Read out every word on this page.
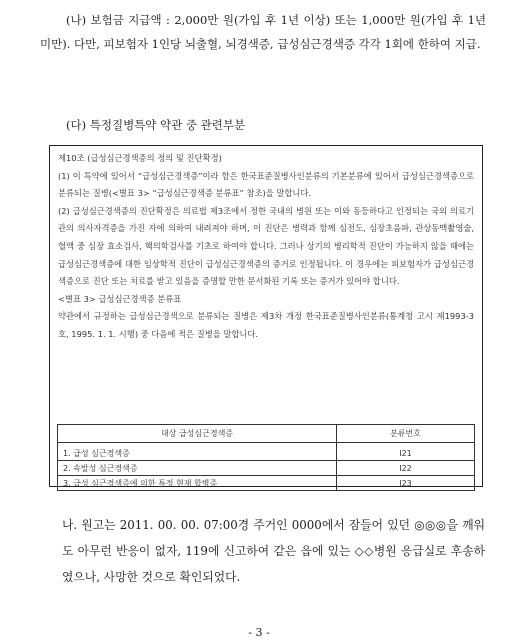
(나) 보험금 지급액 : 2,000만 원(가입 후 1년 이상) 또는 1,000만 원(가입 후 1년 미만). 다만, 피보험자 1인당 뇌출혈, 뇌경색증, 급성심근경색증 각각 1회에 한하여 지급.

(다) 특정질병특약 약관 중 관련부분

제10조 (급성심근경색증의 정의 및 진단확정)

(1) 이 특약에 있어서 “급성심근경색증”이라 함은 한국표준질병사인분류의 기본분류에 있어서 급성심근경색증으로 분류되는 질병(<별표 3> “급성심근경색증 분류표” 참조)을 말합니다.

(2) 급성심근경색증의 진단확정은 의료법 제3조에서 정한 국내의 병원 또는 이와 동등하다고 인정되는 국외 의료기관의 의사자격증을 가진 자에 의하여 내려져야 하며, 이 진단은 병력과 함께 심전도, 심장초음파, 관상동맥촬영술, 혈액 중 심장 효소검사, 핵의학검사를 기초로 하여야 합니다. 그러나 상기의 병리학적 진단이 가능하지 않을 때에는 급성심근경색증에 대한 임상학적 진단이 급성심근경색증의 증거로 인정됩니다. 이 경우에는 피보험자가 급성심근경색증으로 진단 또는 치료를 받고 있음을 증명할 만한 문서화된 기록 또는 증거가 있어야 합니다.

<별표 3> 급성심근경색증 분류표

약관에서 규정하는 급성심근경색으로 분류되는 질병은 제3차 개정 한국표준질병사인분류(통계청 고시 제1993-3호, 1995. 1. 1. 시행) 중 다음에 적은 질병을 말합니다.

대상 급성심근경색증	분류번호
1. 급성 심근경색증	I21
2. 속발성 심근경색증	I22
3. 급성 심근경색증에 의한 특정 현재 합병증	I23

나. 원고는 2011. 00. 00. 07:00경 주거인 0000에서 잠들어 있던 ◎◎◎을 깨워도 아무런 반응이 없자, 119에 신고하여 같은 읍에 있는 ◇◇병원 응급실로 후송하였으나, 사망한 것으로 확인되었다.

- 3 -
